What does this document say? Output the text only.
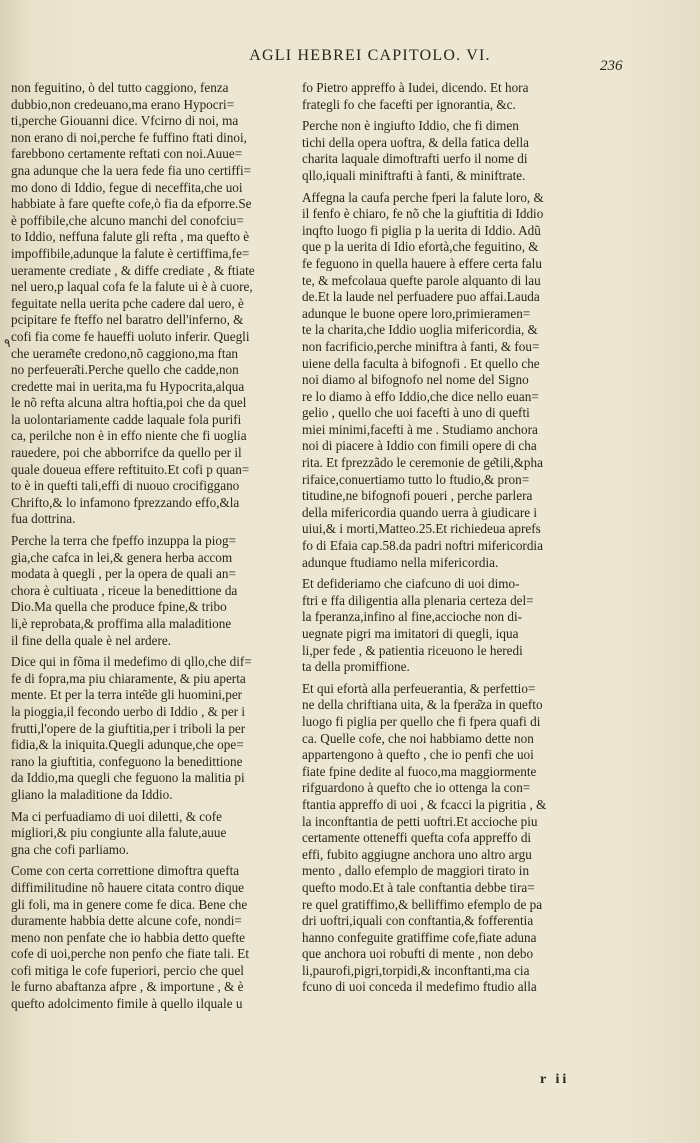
AGLI HEBREI CAPITOLO. VI.
236
٩

non feguitino, ò del tutto caggiono, fenza
dubbio,non credeuano,ma erano Hypocri=
ti,perche Giouanni dice. Vfcirno di noi, ma
non erano di noi,perche fe fuffino ftati dinoi,
farebbono certamente reftati con noi.Auue=
gna adunque che la uera fede fia uno certiffi=
mo dono di Iddio, fegue di neceffita,che uoi
habbiate à fare quefte cofe,ò fia da efporre.Se
è poffibile,che alcuno manchi del conofciu=
to Iddio, neffuna falute gli refta , ma quefto è
impoffibile,adunque la falute è certiffima,fe=
ueramente crediate , & diffe crediate , & ftiate
nel uero,p laqual cofa fe la falute ui è à cuore,
feguitate nella uerita pche cadere dal uero, è
pcipitare fe fteffo nel baratro dell'inferno, &
cofi fia come fe haueffi uoluto inferir. Quegli
che uerame͂te credono,nõ caggiono,ma ftan
no perfeuera͂ti.Perche quello che cadde,non
credette mai in uerita,ma fu Hypocrita,alqua
le nõ refta alcuna altra hoftia,poi che da quel
la uolontariamente cadde laquale fola purifi
ca, perilche non è in effo niente che fi uoglia
rauedere, poi che abborrifce da quello per il
quale doueua effere reftituito.Et cofi p quan=
to è in quefti tali,effi di nuouo crocifiggano
Chrifto,& lo infamono fprezzando effo,&la
fua dottrina.

Perche la terra che fpeffo inzuppa la piog=
gia,che cafca in lei,& genera herba accom
modata à quegli , per la opera de quali an=
chora è cultiuata , riceue la benedittione da
Dio.Ma quella che produce fpine,& tribo
li,è reprobata,& proffima alla maladitione
il fine della quale è nel ardere.

Dice qui in fõma il medefimo di qllo,che dif=
fe di fopra,ma piu chiaramente, & piu aperta
mente. Et per la terra inte͂de gli huomini,per
la pioggia,il fecondo uerbo di Iddio , & per i
frutti,l'opere de la giuftitia,per i triboli la per
fidia,& la iniquita.Quegli adunque,che ope=
rano la giuftitia, confeguono la benedittione
da Iddio,ma quegli che feguono la malitia pi
gliano la maladitione da Iddio.

Ma ci perfuadiamo di uoi diletti, & cofe
migliori,& piu congiunte alla falute,auue
gna che cofi parliamo.

Come con certa correttione dimoftra quefta
diffimilitudine nõ hauere citata contro dique
gli foli, ma in genere come fe dica. Bene che
duramente habbia dette alcune cofe, nondi=
meno non penfate che io habbia detto quefte
cofe di uoi,perche non penfo che fiate tali. Et
cofi mitiga le cofe fuperiori, percio che quel
le furno abaftanza afpre , & importune , & è
quefto adolcimento fimile à quello ilquale u

fo Pietro appreffo à Iudei, dicendo. Et hora
frategli fo che facefti per ignorantia, &c.

Perche non è ingiufto Iddio, che fi dimen
tichi della opera uoftra, & della fatica della
charita laquale dimoftrafti uerfo il nome di
qllo,iquali miniftrafti à fanti, & miniftrate.

Affegna la caufa perche fperi la falute loro, &
il fenfo è chiaro, fe nõ che la giuftitia di Iddio
inqfto luogo fi piglia p la uerita di Iddio. Adũ
que p la uerita di Idio efortà,che feguitino, &
fe feguono in quella hauere à effere certa falu
te, & mefcolaua quefte parole alquanto di lau
de.Et la laude nel perfuadere puo affai.Lauda
adunque le buone opere loro,primieramen=
te la charita,che Iddio uoglia mifericordia, &
non facrificio,perche miniftra à fanti, & fou=
uiene della faculta à bifognofi . Et quello che
noi diamo al bifognofo nel nome del Signo
re lo diamo à effo Iddio,che dice nello euan=
gelio , quello che uoi facefti à uno di quefti
miei minimi,facefti à me . Studiamo anchora
noi di piacere à Iddio con fimili opere di cha
rita. Et fprezzãdo le ceremonie de ge͂tili,&pha
rifaice,conuertiamo tutto lo ftudio,& pron=
titudine,ne bifognofi poueri , perche parlera
della mifericordia quando uerra à giudicare i
uiui,& i morti,Matteo.25.Et richiedeua aprefs
fo di Efaia cap.58.da padri noftri mifericordia
adunque ftudiamo nella mifericordia.

Et defideriamo che ciafcuno di uoi dimo-
ftri e ffa diligentia alla plenaria certeza del=
la fperanza,infino al fine,accioche non di-
uegnate pigri ma imitatori di quegli, iqua
li,per fede , & patientia riceuono le heredi
ta della promiffione.

Et qui efortà alla perfeuerantia, & perfettio=
ne della chriftiana uita, & la fpera͂za in quefto
luogo fi piglia per quello che fi fpera quafi di
ca. Quelle cofe, che noi habbiamo dette non
appartengono à quefto , che io penfi che uoi
fiate fpine dedite al fuoco,ma maggiormente
rifguardono à quefto che io ottenga la con=
ftantia appreffo di uoi , & fcacci la pigritia , &
la inconftantia de petti uoftri.Et accioche piu
certamente otteneffi quefta cofa appreffo di
effi, fubito aggiugne anchora uno altro argu
mento , dallo efemplo de maggiori tirato in
quefto modo.Et à tale conftantia debbe tira=
re quel gratiffimo,& belliffimo efemplo de pa
dri uoftri,iquali con conftantia,& fofferentia
hanno confeguite gratiffime cofe,fiate aduna
que anchora uoi robufti di mente , non debo
li,paurofi,pigri,torpidi,& inconftanti,ma cia
fcuno di uoi conceda il medefimo ftudio alla

r ii
